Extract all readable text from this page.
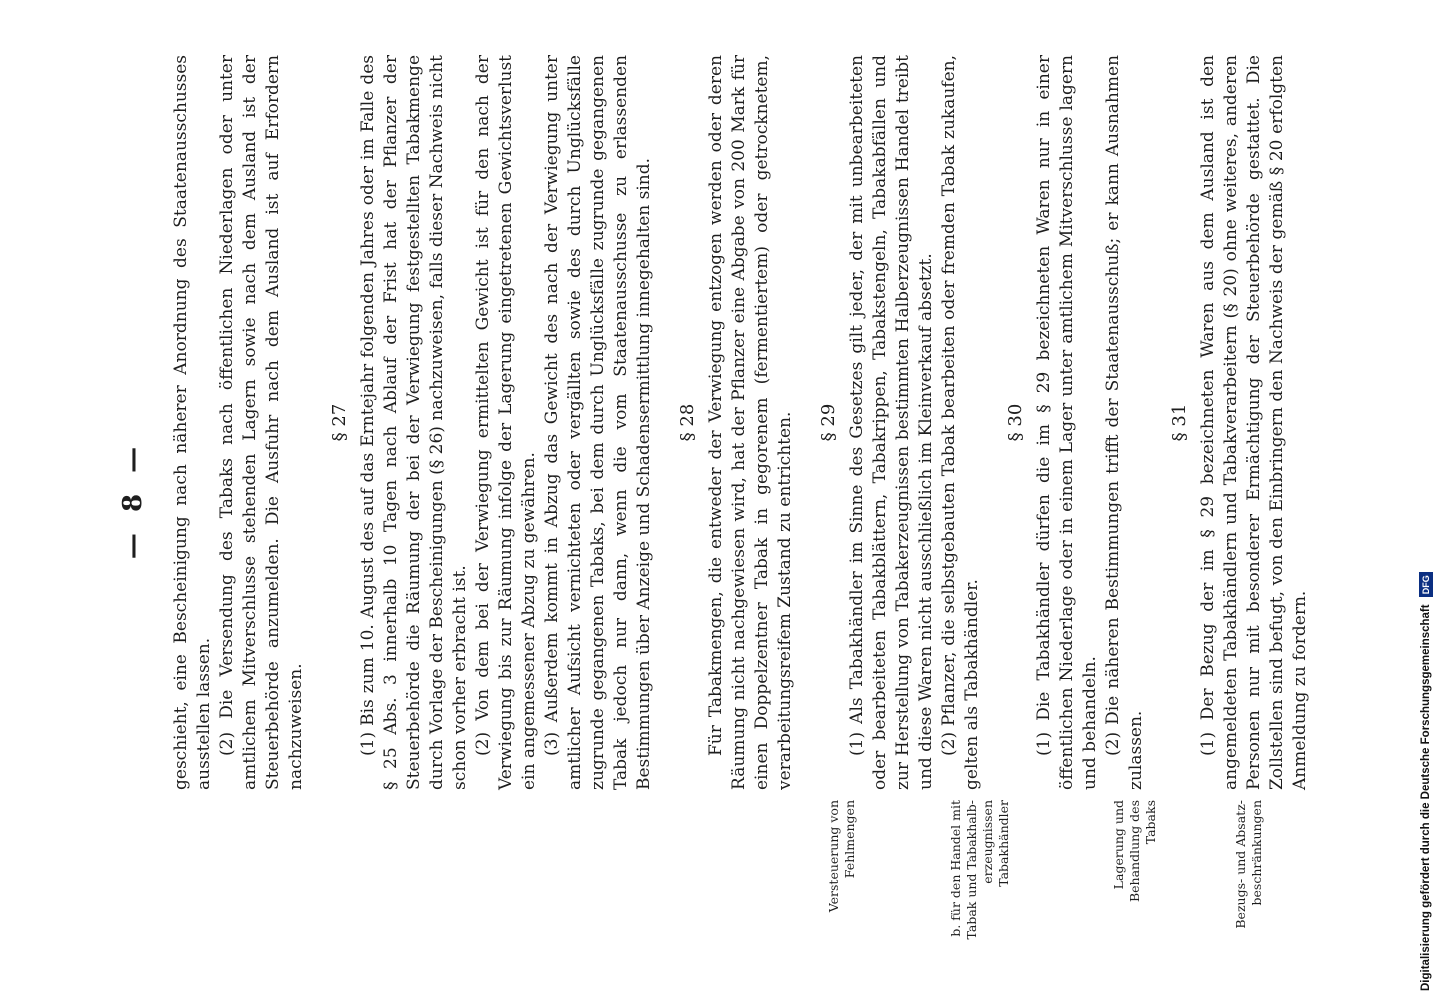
— 8 —
Versteuerung von Fehlmengen	b. für den Handel mit Tabak und Tabakhalb- erzeugnissen Tabakhändler	Lagerung und Behandlung des Tabaks	Bezugs- und Absatz- beschränkungen

geschieht, eine Bescheinigung nach näherer Anordnung des Staatenausschusses ausstellen lassen. (2) Die Versendung des Tabaks nach öffentlichen Niederlagen oder unter amtlichem Mitverschlusse stehenden Lagern sowie nach dem Ausland ist der Steuerbehörde anzumelden. Die Ausfuhr nach dem Ausland ist auf Erfordern nachzuweisen.

§ 27 (1) Bis zum 10. August des auf das Erntejahr folgenden Jahres oder im Falle des § 25 Abs. 3 innerhalb 10 Tagen nach Ablauf der Frist hat der Pflanzer der Steuerbehörde die Räumung der bei der Verwiegung festgestellten Tabakmenge durch Vorlage der Bescheinigungen (§ 26) nachzuweisen, falls dieser Nachweis nicht schon vorher erbracht ist. (2) Von dem bei der Verwiegung ermittelten Gewicht ist für den nach der Verwiegung bis zur Räumung infolge der Lagerung eingetretenen Gewichtsverlust ein angemessener Abzug zu gewähren. (3) Außerdem kommt in Abzug das Gewicht des nach der Verwiegung unter amtlicher Aufsicht vernichteten oder vergällten sowie des durch Unglücksfälle zugrunde gegangenen Tabaks, bei dem durch Unglücksfälle zugrunde gegangenen Tabak jedoch nur dann, wenn die vom Staatenausschusse zu erlassenden Bestimmungen über Anzeige und Schadensermittlung innegehalten sind.	§ 28 Für Tabakmengen, die entweder der Verwiegung entzogen werden oder deren Räumung nicht nachgewiesen wird, hat der Pflanzer eine Abgabe von 200 Mark für einen Doppelzentner Tabak in gegorenem (fermentiertem) oder getrocknetem, verarbeitungsreifem Zustand zu entrichten.	§ 29 (1) Als Tabakhändler im Sinne des Gesetzes gilt jeder, der mit unbearbeiteten oder bearbeiteten Tabakblättern, Tabakrippen, Tabakstengeln, Tabakabfällen und zur Herstellung von Tabakerzeugnissen bestimmten Halberzeugnissen Handel treibt und diese Waren nicht ausschließlich im Kleinverkauf absetzt. (2) Pflanzer, die selbstgebauten Tabak bearbeiten oder fremden Tabak zukaufen, gelten als Tabakhändler.

§ 30 (1) Die Tabakhändler dürfen die im § 29 bezeichneten Waren nur in einer öffentlichen Niederlage oder in einem Lager unter amtlichem Mitverschlusse lagern und behandeln. (2) Die näheren Bestimmungen trifft der Staatenausschuß; er kann Ausnahmen zulassen.

§ 31 (1) Der Bezug der im § 29 bezeichneten Waren aus dem Ausland ist den angemeldeten Tabakhändlern und Tabakverarbeitern (§ 20) ohne weiteres, anderen Personen nur mit besonderer Ermächtigung der Steuerbehörde gestattet. Die Zollstellen sind befugt, von den Einbringern den Nachweis der gemäß § 20 erfolgten Anmeldung zu fordern.	Digitalisierung gefördert durch die Deutsche Forschungsgemeinschaft DFG
